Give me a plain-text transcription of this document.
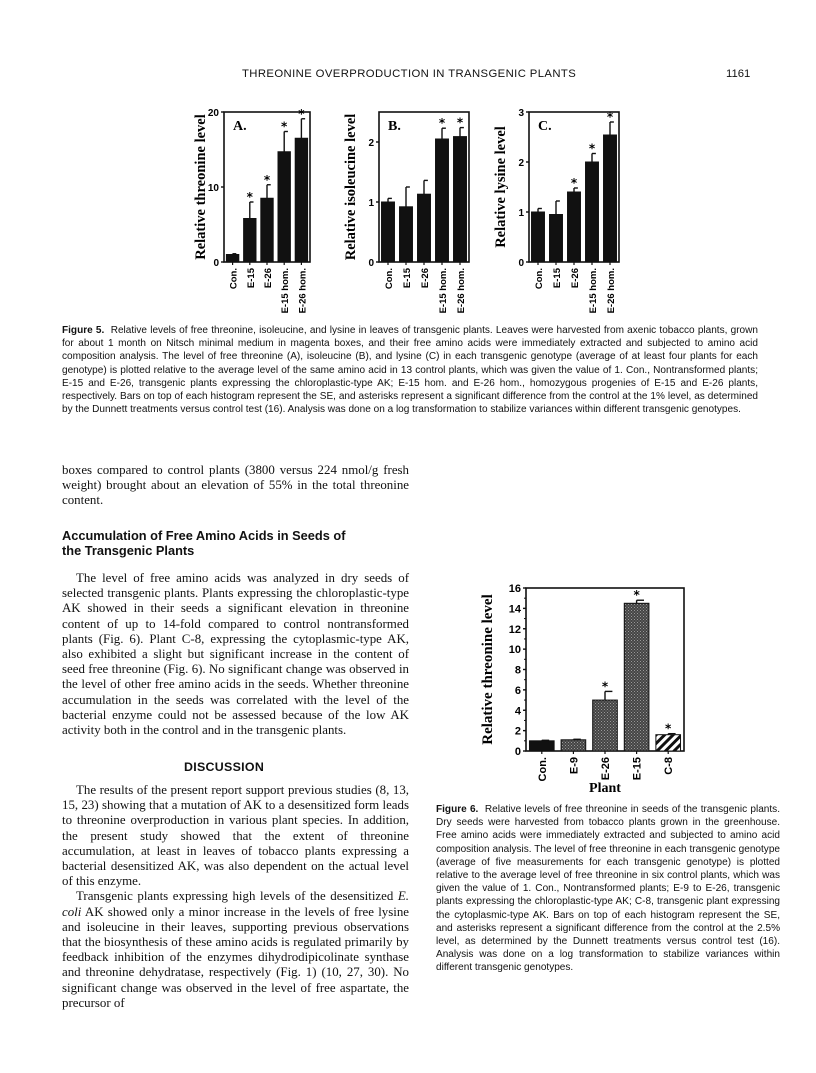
THREONINE OVERPRODUCTION IN TRANSGENIC PLANTS	1161
0
10
20
Relative threonine level
Con.
*
E-15
*
E-26
*
E-15 hom.
*
E-26 hom.
A.
0
1
2
Relative isoleucine level
Con. E-15 E-26
*
E-15 hom.
*
E-26 hom.
B.
0
1
2
3
Relative lysine level
Con. E-15
*
E-26
*
E-15 hom.
*
E-26 hom.
C.
Figure 5. Relative levels of free threonine, isoleucine, and lysine in leaves of transgenic plants. Leaves were harvested from axenic tobacco plants, grown for about 1 month on Nitsch minimal medium in magenta boxes, and their free amino acids were immediately extracted and subjected to amino acid composition analysis. The level of free threonine (A), isoleucine (B), and lysine (C) in each transgenic genotype (average of at least four plants for each genotype) is plotted relative to the average level of the same amino acid in 13 control plants, which was given the value of 1. Con., Nontransformed plants; E-15 and E-26, transgenic plants expressing the chloroplastic-type AK; E-15 hom. and E-26 hom., homozygous progenies of E-15 and E-26 plants, respectively. Bars on top of each histogram represent the SE, and asterisks represent a significant difference from the control at the 1% level, as determined by the Dunnett treatments versus control test (16). Analysis was done on a log transformation to stabilize variances within different transgenic genotypes.

boxes compared to control plants (3800 versus 224 nmol/g fresh weight) brought about an elevation of 55% in the total threonine content.

Accumulation of Free Amino Acids in Seeds of the Transgenic Plants

The level of free amino acids was analyzed in dry seeds of selected transgenic plants. Plants expressing the chloroplastic-type AK showed in their seeds a significant elevation in threonine content of up to 14-fold compared to control nontransformed plants (Fig. 6). Plant C-8, expressing the cytoplasmic-type AK, also exhibited a slight but significant increase in the content of seed free threonine (Fig. 6). No significant change was observed in the level of other free amino acids in the seeds. Whether threonine accumulation in the seeds was correlated with the level of the bacterial enzyme could not be assessed because of the low AK activity both in the control and in the transgenic plants.

DISCUSSION

The results of the present report support previous studies (8, 13, 15, 23) showing that a mutation of AK to a desensitized form leads to threonine overproduction in various plant species. In addition, the present study showed that the extent of threonine accumulation, at least in leaves of tobacco plants expressing a bacterial desensitized AK, was also dependent on the actual level of this enzyme.

Transgenic plants expressing high levels of the desensitized E. coli AK showed only a minor increase in the levels of free lysine and isoleucine in their leaves, supporting previous observations that the biosynthesis of these amino acids is regulated primarily by feedback inhibition of the enzymes dihydrodipicolinate synthase and threonine dehydratase, respectively (Fig. 1) (10, 27, 30). No significant change was observed in the level of free aspartate, the precursor of

0
2
4
6
8
10
12
14
16
Relative threonine level
Con. E-9
*
E-26
*
E-15
*
C-8
Plant
Figure 6. Relative levels of free threonine in seeds of the transgenic plants. Dry seeds were harvested from tobacco plants grown in the greenhouse. Free amino acids were immediately extracted and subjected to amino acid composition analysis. The level of free threonine in each transgenic genotype (average of five measurements for each transgenic genotype) is plotted relative to the average level of free threonine in six control plants, which was given the value of 1. Con., Nontransformed plants; E-9 to E-26, transgenic plants expressing the chloroplastic-type AK; C-8, transgenic plant expressing the cytoplasmic-type AK. Bars on top of each histogram represent the SE, and asterisks represent a significant difference from the control at the 2.5% level, as determined by the Dunnett treatments versus control test (16). Analysis was done on a log transformation to stabilize variances within different transgenic genotypes.
